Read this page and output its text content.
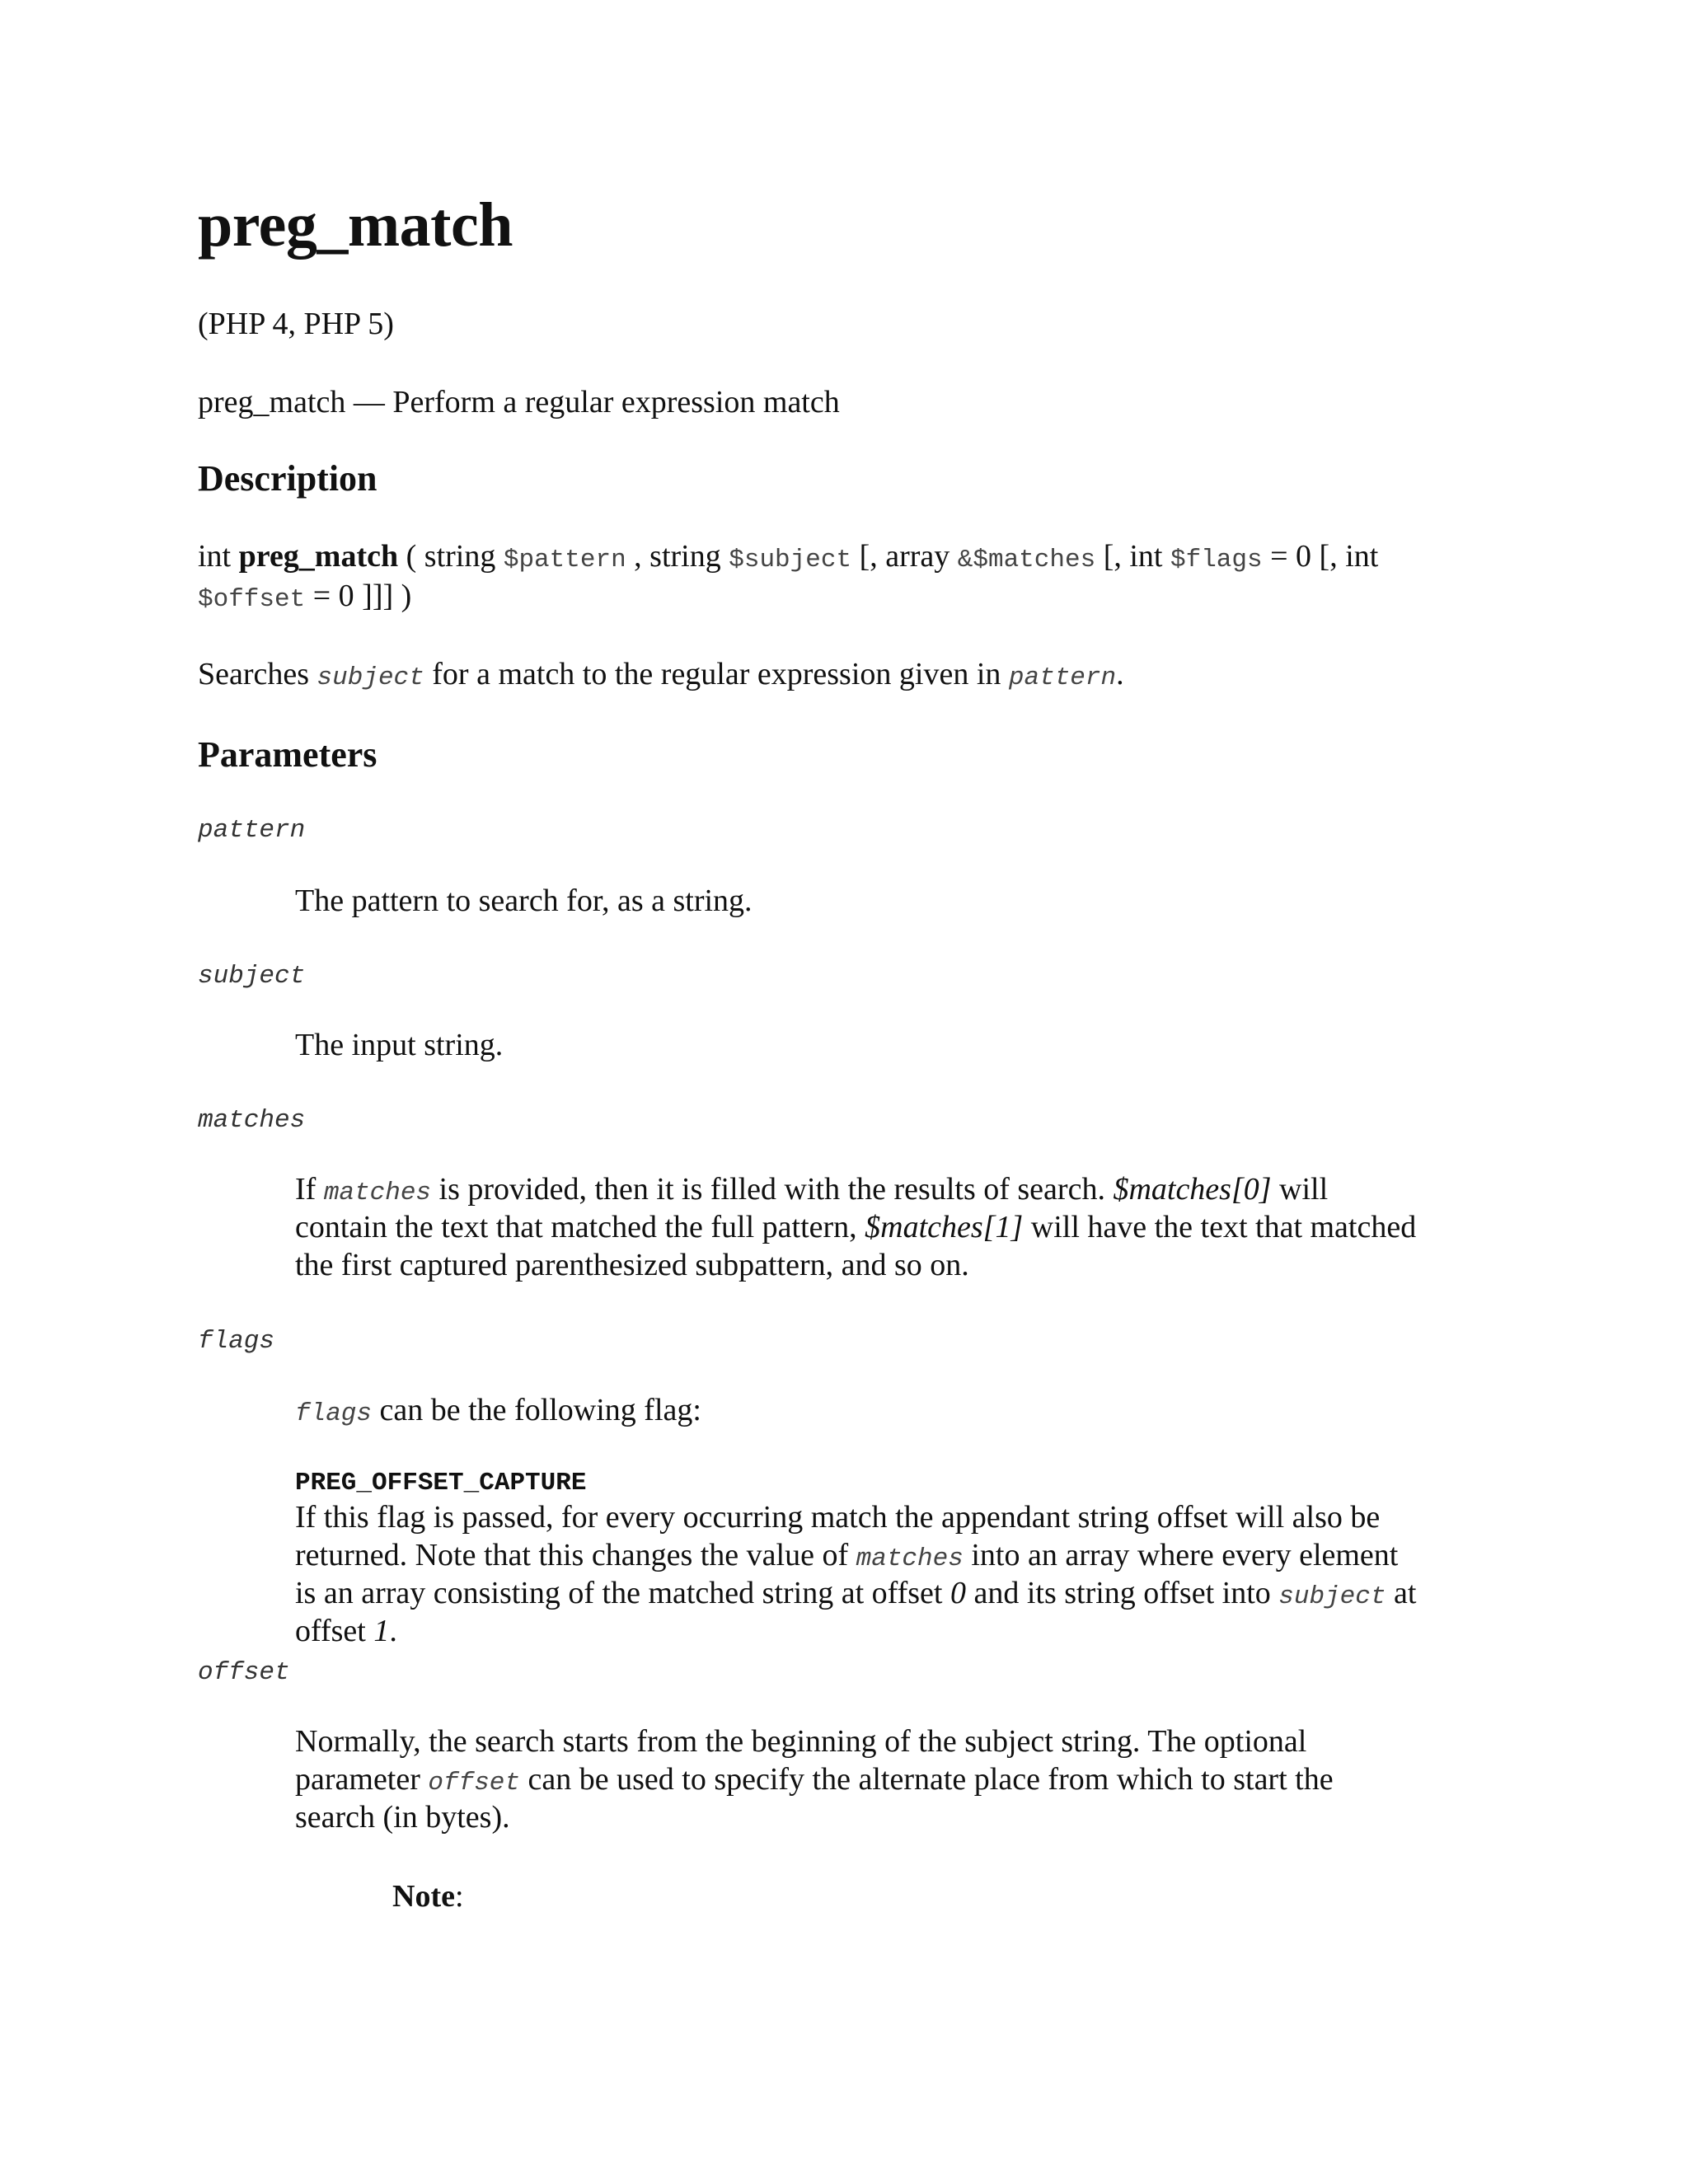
preg_match

(PHP 4, PHP 5)

preg_match — Perform a regular expression match

Description
int preg_match ( string $pattern , string $subject [, array &$matches [, int $flags = 0 [, int
$offset = 0 ]]] )

Searches subject for a match to the regular expression given in pattern.

Parameters
pattern

The pattern to search for, as a string.

subject

The input string.

matches
If matches is provided, then it is filled with the results of search. $matches[0] will
contain the text that matched the full pattern, $matches[1] will have the text that matched
the first captured parenthesized subpattern, and so on.
flags
flags can be the following flag:
PREG_OFFSET_CAPTURE
If this flag is passed, for every occurring match the appendant string offset will also be
returned. Note that this changes the value of matches into an array where every element
is an array consisting of the matched string at offset 0 and its string offset into subject at
offset 1.
offset
Normally, the search starts from the beginning of the subject string. The optional
parameter offset can be used to specify the alternate place from which to start the
search (in bytes).
Note:
